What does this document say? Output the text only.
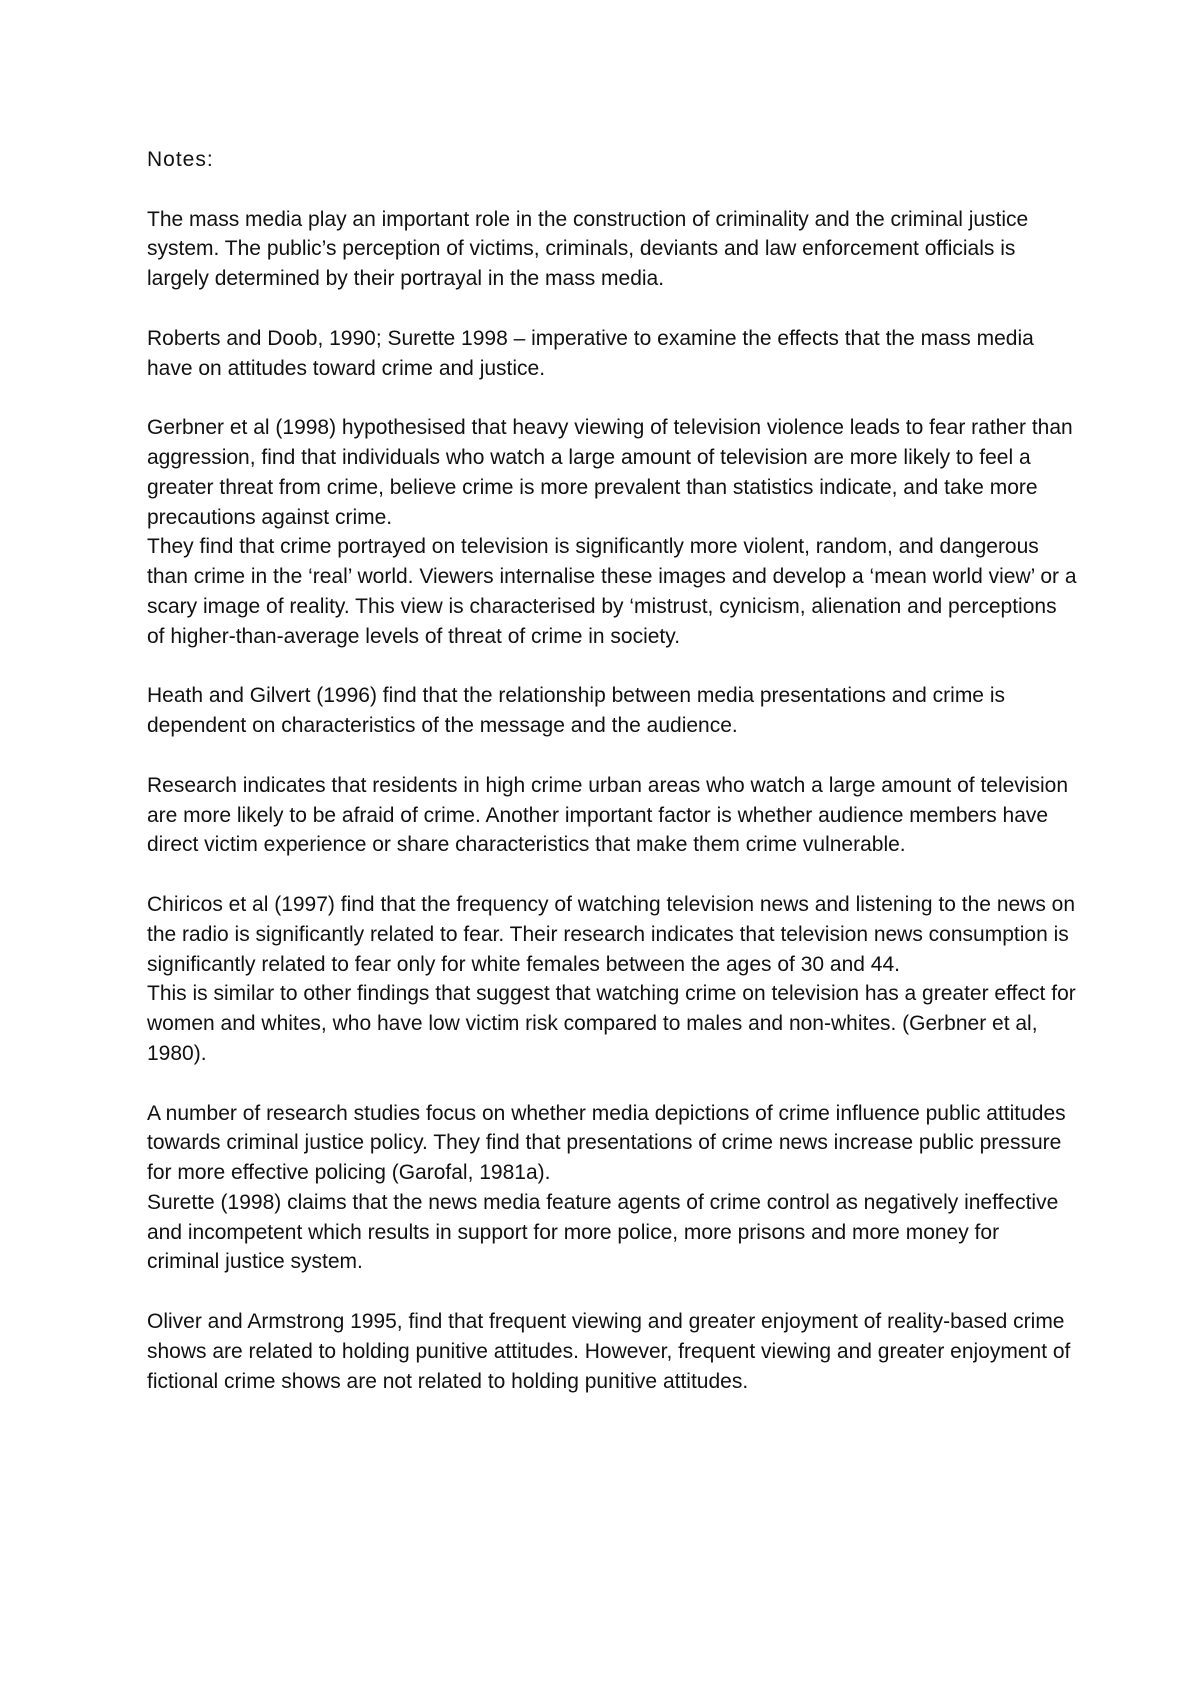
Notes:

The mass media play an important role in the construction of criminality and the criminal justice system. The public’s perception of victims, criminals, deviants and law enforcement officials is largely determined by their portrayal in the mass media.

Roberts and Doob, 1990; Surette 1998 – imperative to examine the effects that the mass media have on attitudes toward crime and justice.

Gerbner et al (1998) hypothesised that heavy viewing of television violence leads to fear rather than aggression, find that individuals who watch a large amount of television are more likely to feel a greater threat from crime, believe crime is more prevalent than statistics indicate, and take more precautions against crime.

They find that crime portrayed on television is significantly more violent, random, and dangerous than crime in the ‘real’ world. Viewers internalise these images and develop a ‘mean world view’ or a scary image of reality. This view is characterised by ‘mistrust, cynicism, alienation and perceptions of higher-than-average levels of threat of crime in society.

Heath and Gilvert (1996) find that the relationship between media presentations and crime is dependent on characteristics of the message and the audience.

Research indicates that residents in high crime urban areas who watch a large amount of television are more likely to be afraid of crime. Another important factor is whether audience members have direct victim experience or share characteristics that make them crime vulnerable.

Chiricos et al (1997) find that the frequency of watching television news and listening to the news on the radio is significantly related to fear. Their research indicates that television news consumption is significantly related to fear only for white females between the ages of 30 and 44.

This is similar to other findings that suggest that watching crime on television has a greater effect for women and whites, who have low victim risk compared to males and non-whites. (Gerbner et al, 1980).

A number of research studies focus on whether media depictions of crime influence public attitudes towards criminal justice policy. They find that presentations of crime news increase public pressure for more effective policing (Garofal, 1981a).

Surette (1998) claims that the news media feature agents of crime control as negatively ineffective and incompetent which results in support for more police, more prisons and more money for criminal justice system.

Oliver and Armstrong 1995, find that frequent viewing and greater enjoyment of reality-based crime shows are related to holding punitive attitudes. However, frequent viewing and greater enjoyment of fictional crime shows are not related to holding punitive attitudes.
